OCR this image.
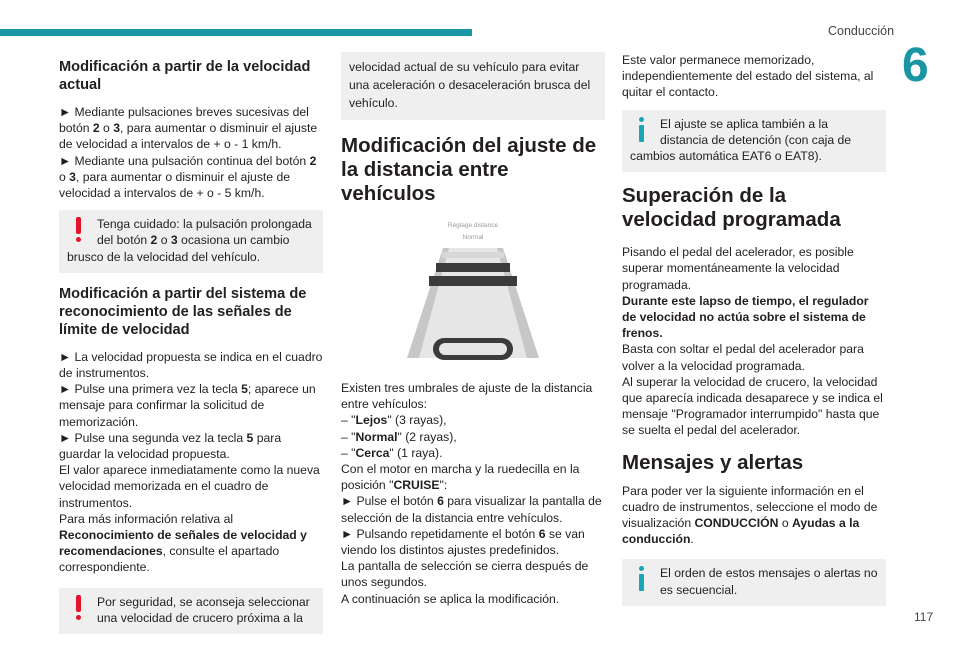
Conducción
6
117
Modificación a partir de la velocidad actual

► Mediante pulsaciones breves sucesivas del botón 2 o 3, para aumentar o disminuir el ajuste de velocidad a intervalos de + o - 1 km/h.
► Mediante una pulsación continua del botón 2 o 3, para aumentar o disminuir el ajuste de velocidad a intervalos de + o - 5 km/h.

Tenga cuidado: la pulsación prolongada del botón 2 o 3 ocasiona un cambio brusco de la velocidad del vehículo.
Modificación a partir del sistema de reconocimiento de las señales de límite de velocidad

► La velocidad propuesta se indica en el cuadro de instrumentos.
► Pulse una primera vez la tecla 5; aparece un mensaje para confirmar la solicitud de memorización.
► Pulse una segunda vez la tecla 5 para guardar la velocidad propuesta.
El valor aparece inmediatamente como la nueva velocidad memorizada en el cuadro de instrumentos.
Para más información relativa al Reconocimiento de señales de velocidad y recomendaciones, consulte el apartado correspondiente.

Por seguridad, se aconseja seleccionar una velocidad de crucero próxima a la
velocidad actual de su vehículo para evitar una aceleración o desaceleración brusca del vehículo.
Modificación del ajuste de la distancia entre vehículos
Réglage distance
Normal

Existen tres umbrales de ajuste de la distancia entre vehículos:
– "Lejos" (3 rayas),
– "Normal" (2 rayas),
– "Cerca" (1 raya).
Con el motor en marcha y la ruedecilla en la posición "CRUISE":
► Pulse el botón 6 para visualizar la pantalla de selección de la distancia entre vehículos.
► Pulsando repetidamente el botón 6 se van viendo los distintos ajustes predefinidos.
La pantalla de selección se cierra después de unos segundos.
A continuación se aplica la modificación.

Este valor permanece memorizado, independientemente del estado del sistema, al quitar el contacto.

El ajuste se aplica también a la distancia de detención (con caja de cambios automática EAT6 o EAT8).
Superación de la velocidad programada

Pisando el pedal del acelerador, es posible superar momentáneamente la velocidad programada.
Durante este lapso de tiempo, el regulador de velocidad no actúa sobre el sistema de frenos.
Basta con soltar el pedal del acelerador para volver a la velocidad programada.
Al superar la velocidad de crucero, la velocidad que aparecía indicada desaparece y se indica el mensaje "Programador interrumpido" hasta que se suelta el pedal del acelerador.

Mensajes y alertas

Para poder ver la siguiente información en el cuadro de instrumentos, seleccione el modo de visualización CONDUCCIÓN o Ayudas a la conducción.

El orden de estos mensajes o alertas no es secuencial.
